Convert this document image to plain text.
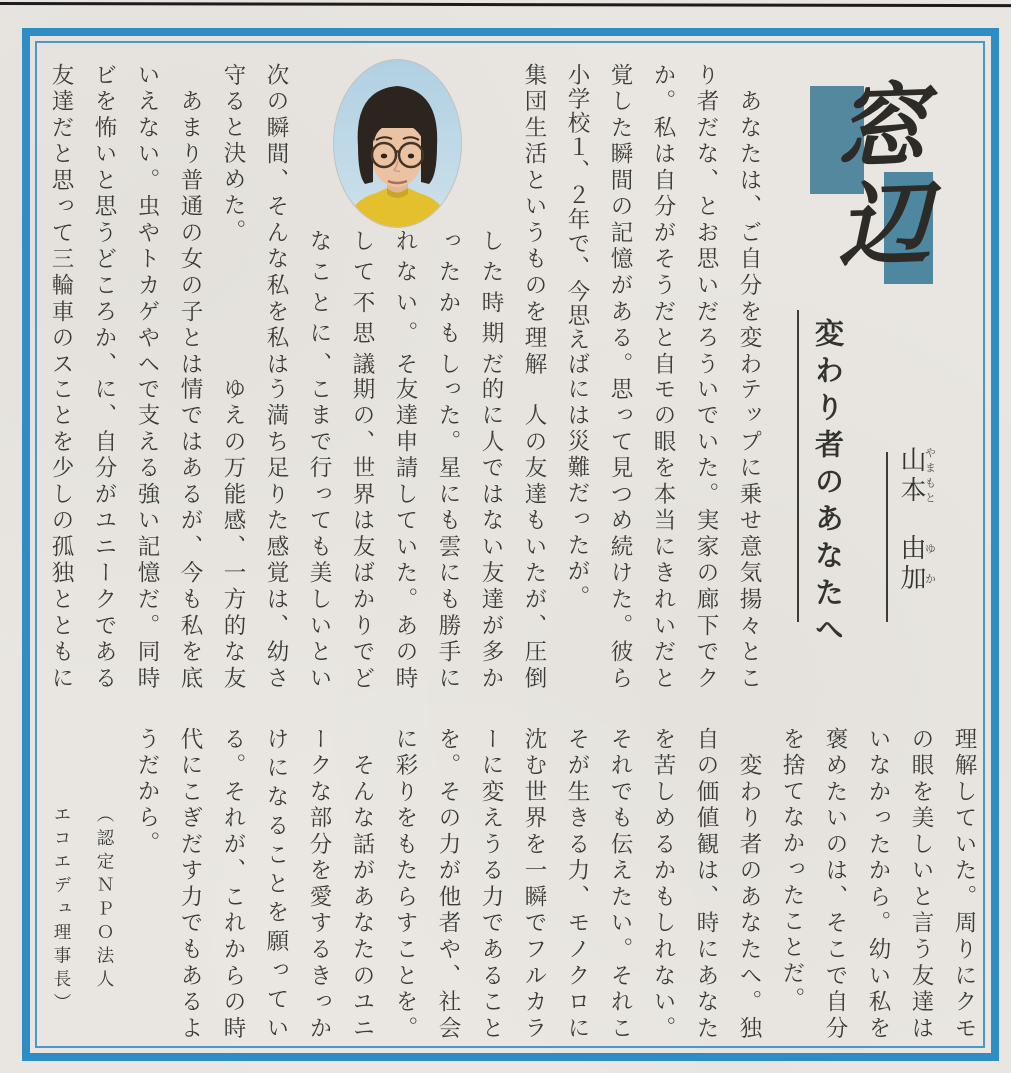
窓辺
変わり者のあなたへ 山本やまもと 由加ゆか
　あなたは、ご自分を変わ
り者だな、とお思いだろう
か。私は自分がそうだと自
覚した瞬間の記憶がある。
小学校１、２年で、今思えば
集団生活というものを理解
した時期だ
ったかもし
れない。そ
して不思議
なことに、
次の瞬間、そんな私を私は
守ると決めた。
　あまり普通の女の子とは
いえない。虫やトカゲやヘ
ビを怖いと思うどころか、
友達だと思って三輪車のス
テップに乗せ意気揚々とこ
いでいた。実家の廊下でク
モの眼を本当にきれいだと
思って見つめ続けた。彼ら
には災難だったが。
　人の友達もいたが、圧倒
的に人ではない友達が多か
った。星にも雲にも勝手に
友達申請していた。あの時
期の、世界は友ばかりでど
こまで行っても美しいとい
う満ち足りた感覚は、幼さ
ゆえの万能感、一方的な友
情ではあるが、今も私を底
で支える強い記憶だ。同時
に、自分がユニークである
ことを少しの孤独とともに
理解していた。周りにクモ
の眼を美しいと言う友達は
いなかったから。幼い私を
褒めたいのは、そこで自分
を捨てなかったことだ。
　変わり者のあなたへ。独
自の価値観は、時にあなた
を苦しめるかもしれない。
それでも伝えたい。それこ
そが生きる力、モノクロに
沈む世界を一瞬でフルカラ
ーに変えうる力であること
を。その力が他者や、社会
に彩りをもたらすことを。
　そんな話があなたのユニ
ークな部分を愛するきっか
けになることを願ってい
る。それが、これからの時
代にこぎだす力でもあるよ
うだから。
（認定ＮＰＯ法人
エコエデュ理事長）
